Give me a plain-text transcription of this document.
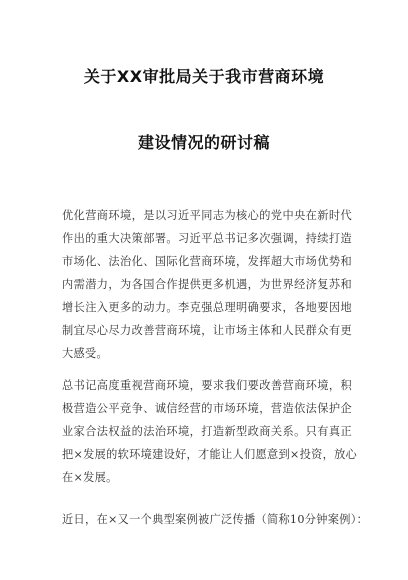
关于XX审批局关于我市营商环境
建设情况的研讨稿
优化营商环境，是以习近平同志为核心的党中央在新时代
作出的重大决策部署。习近平总书记多次强调，持续打造
市场化、法治化、国际化营商环境，发挥超大市场优势和
内需潜力，为各国合作提供更多机遇，为世界经济复苏和
增长注入更多的动力。李克强总理明确要求，各地要因地
制宜尽心尽力改善营商环境，让市场主体和人民群众有更
大感受。
总书记高度重视营商环境，要求我们要改善营商环境，积
极营造公平竞争、诚信经营的市场环境，营造依法保护企
业家合法权益的法治环境，打造新型政商关系。只有真正
把×发展的软环境建设好，才能让人们愿意到×投资，放心
在×发展。
近日，在×又一个典型案例被广泛传播（简称10分钟案例）：
